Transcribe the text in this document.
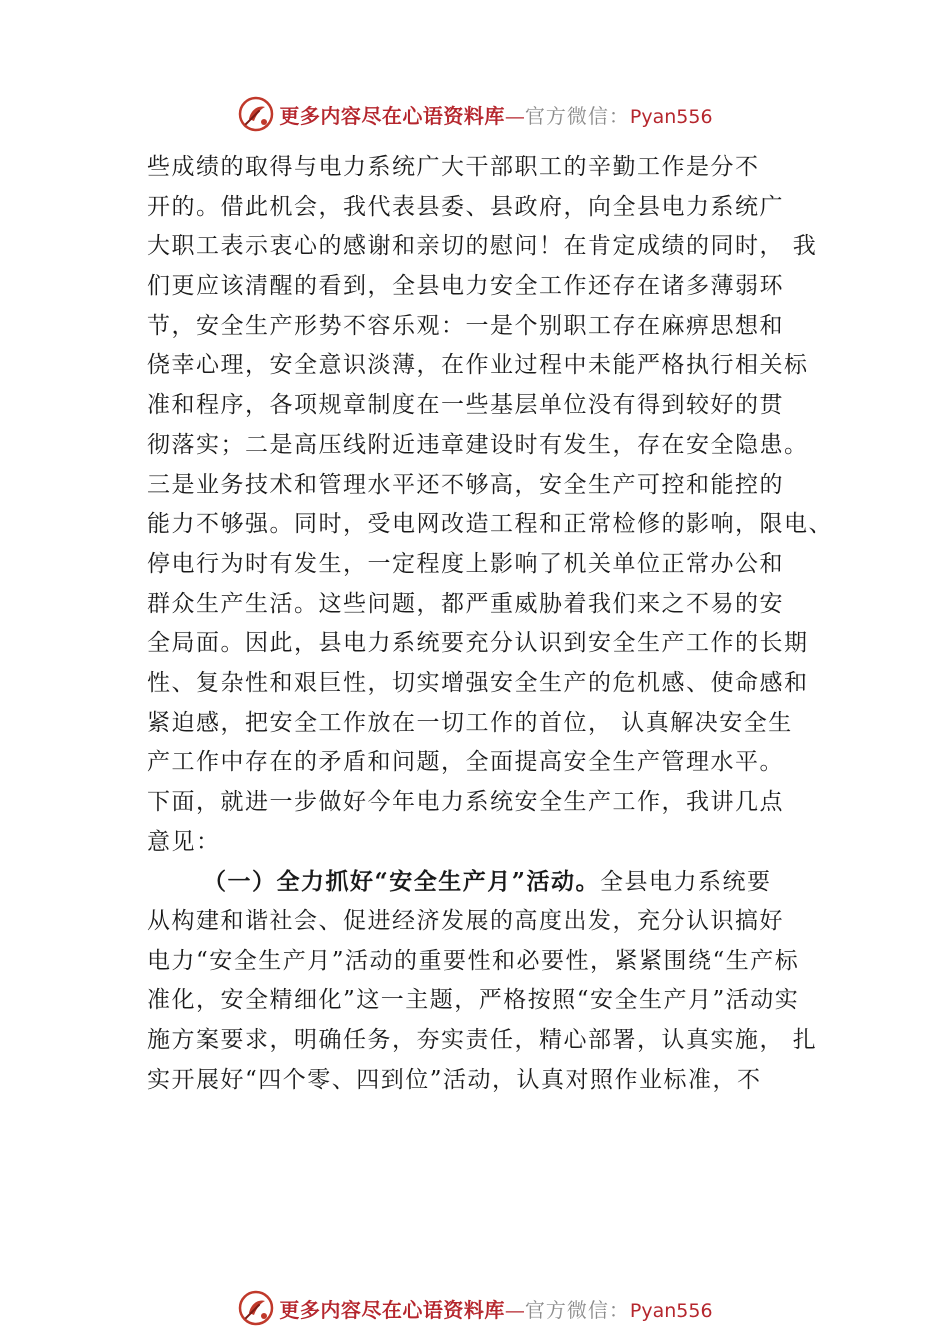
更多内容尽在心语资料库—官方微信：Pyan556
些成绩的取得与电力系统广大干部职工的辛勤工作是分不
开的。借此机会，我代表县委、县政府，向全县电力系统广
大职工表示衷心的感谢和亲切的慰问！在肯定成绩的同时， 我
们更应该清醒的看到，全县电力安全工作还存在诸多薄弱环
节，安全生产形势不容乐观：一是个别职工存在麻痹思想和
侥幸心理，安全意识淡薄，在作业过程中未能严格执行相关标
准和程序，各项规章制度在一些基层单位没有得到较好的贯
彻落实；二是高压线附近违章建设时有发生，存在安全隐患。
三是业务技术和管理水平还不够高，安全生产可控和能控的
能力不够强。同时，受电网改造工程和正常检修的影响，限电、
停电行为时有发生，一定程度上影响了机关单位正常办公和
群众生产生活。这些问题，都严重威胁着我们来之不易的安
全局面。因此，县电力系统要充分认识到安全生产工作的长期
性、复杂性和艰巨性，切实增强安全生产的危机感、使命感和
紧迫感，把安全工作放在一切工作的首位， 认真解决安全生
产工作中存在的矛盾和问题，全面提高安全生产管理水平。
下面，就进一步做好今年电力系统安全生产工作，我讲几点
意见：
（一）全力抓好“安全生产月”活动。全县电力系统要
从构建和谐社会、促进经济发展的高度出发，充分认识搞好
电力“安全生产月”活动的重要性和必要性，紧紧围绕“生产标
准化，安全精细化”这一主题，严格按照“安全生产月”活动实
施方案要求，明确任务，夯实责任，精心部署，认真实施， 扎
实开展好“四个零、四到位”活动，认真对照作业标准，不
更多内容尽在心语资料库—官方微信：Pyan556
